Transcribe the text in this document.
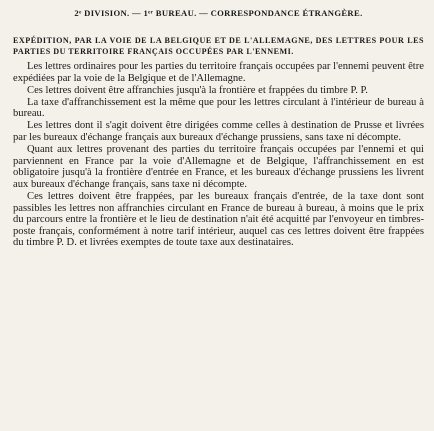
2ᵉ DIVISION. — 1ᵉʳ BUREAU. — CORRESPONDANCE ÉTRANGÈRE.
EXPÉDITION, PAR LA VOIE DE LA BELGIQUE ET DE L'ALLEMAGNE, DES LETTRES POUR LES PARTIES DU TERRITOIRE FRANÇAIS OCCUPÉES PAR L'ENNEMI.

Les lettres ordinaires pour les parties du territoire français occupées par l'ennemi peuvent être expédiées par la voie de la Belgique et de l'Allemagne.

Ces lettres doivent être affranchies jusqu'à la frontière et frappées du timbre P. P.

La taxe d'affranchissement est la même que pour les lettres circulant à l'intérieur de bureau à bureau.

Les lettres dont il s'agit doivent être dirigées comme celles à destination de Prusse et livrées par les bureaux d'échange français aux bureaux d'échange prussiens, sans taxe ni décompte.

Quant aux lettres provenant des parties du territoire français occupées par l'ennemi et qui parviennent en France par la voie d'Allemagne et de Belgique, l'affranchissement en est obligatoire jusqu'à la frontière d'entrée en France, et les bureaux d'échange prussiens les livrent aux bureaux d'échange français, sans taxe ni décompte.

Ces lettres doivent être frappées, par les bureaux français d'entrée, de la taxe dont sont passibles les lettres non affranchies circulant en France de bureau à bureau, à moins que le prix du parcours entre la frontière et le lieu de destination n'ait été acquitté par l'envoyeur en timbres-poste français, conformément à notre tarif intérieur, auquel cas ces lettres doivent être frappées du timbre P. D. et livrées exemptes de toute taxe aux destinataires.
